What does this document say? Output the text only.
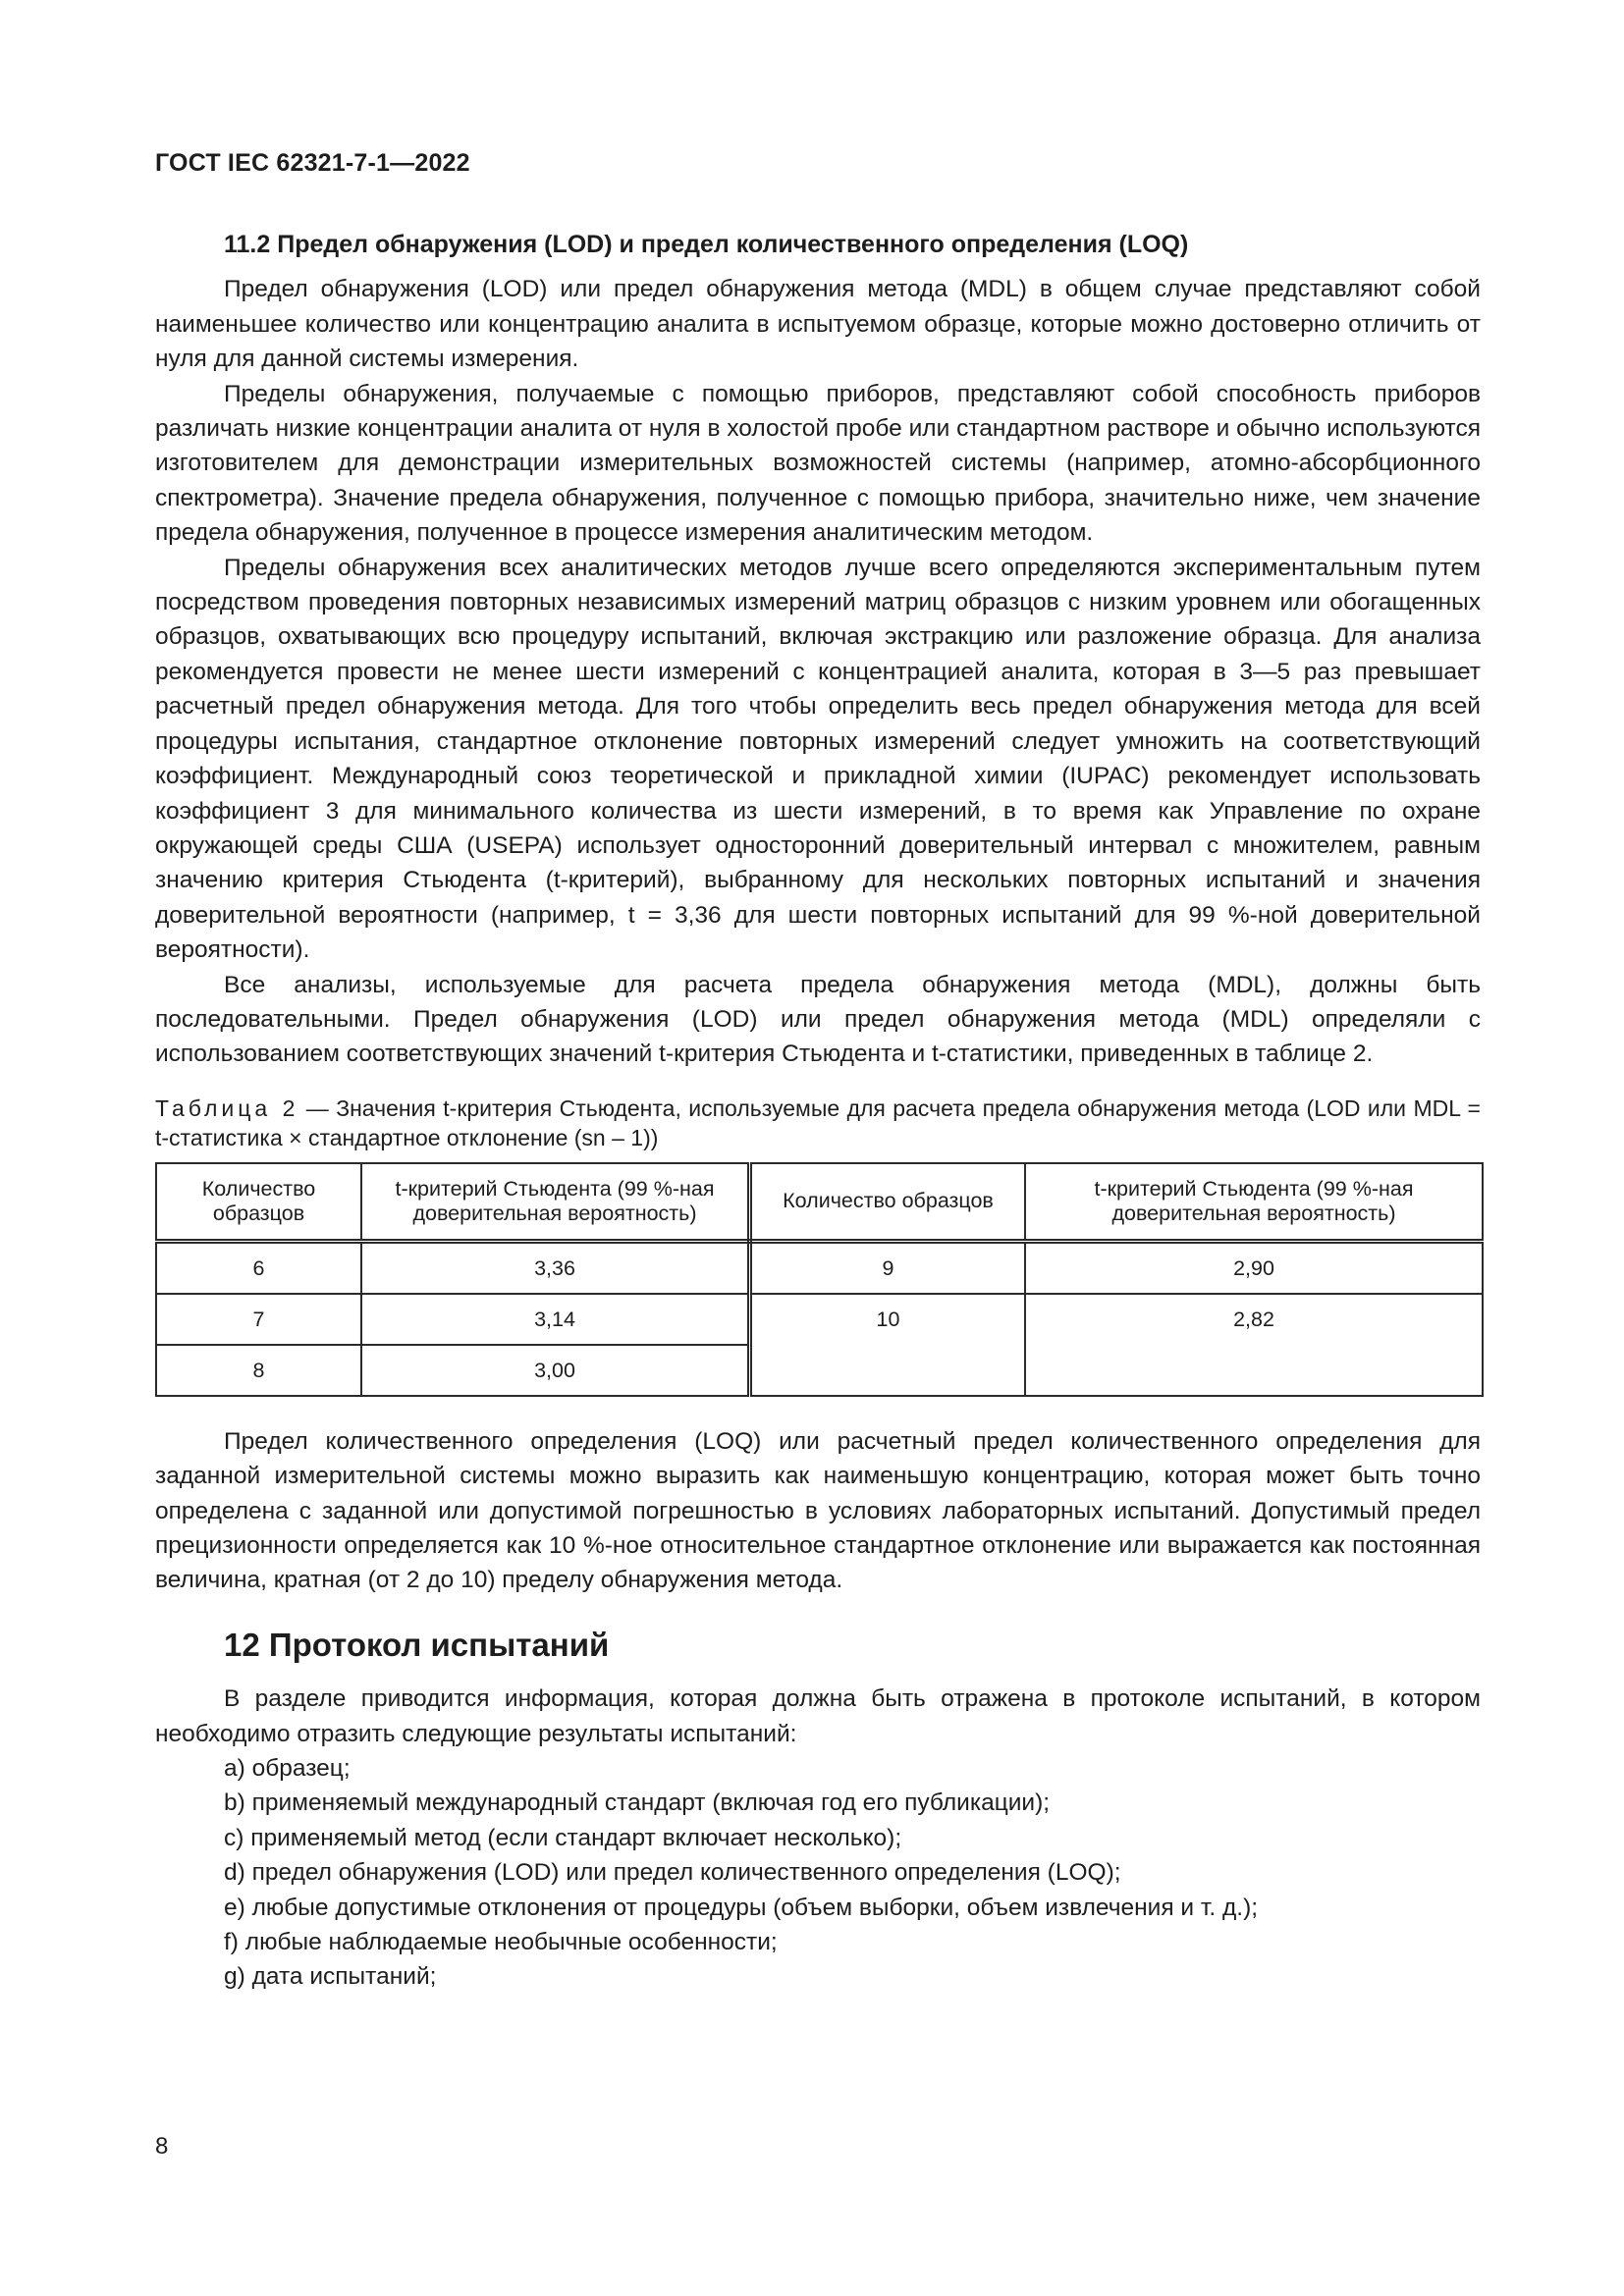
ГОСТ IEC 62321-7-1—2022
11.2 Предел обнаружения (LOD) и предел количественного определения (LOQ)

Предел обнаружения (LOD) или предел обнаружения метода (MDL) в общем случае представляют собой наименьшее количество или концентрацию аналита в испытуемом образце, которые можно достоверно отличить от нуля для данной системы измерения.

Пределы обнаружения, получаемые с помощью приборов, представляют собой способность приборов различать низкие концентрации аналита от нуля в холостой пробе или стандартном растворе и обычно используются изготовителем для демонстрации измерительных возможностей системы (например, атомно-абсорбционного спектрометра). Значение предела обнаружения, полученное с помощью прибора, значительно ниже, чем значение предела обнаружения, полученное в процессе измерения аналитическим методом.

Пределы обнаружения всех аналитических методов лучше всего определяются экспериментальным путем посредством проведения повторных независимых измерений матриц образцов с низким уровнем или обогащенных образцов, охватывающих всю процедуру испытаний, включая экстракцию или разложение образца. Для анализа рекомендуется провести не менее шести измерений с концентрацией аналита, которая в 3—5 раз превышает расчетный предел обнаружения метода. Для того чтобы определить весь предел обнаружения метода для всей процедуры испытания, стандартное отклонение повторных измерений следует умножить на соответствующий коэффициент. Международный союз теоретической и прикладной химии (IUPAC) рекомендует использовать коэффициент 3 для минимального количества из шести измерений, в то время как Управление по охране окружающей среды США (USEPA) использует односторонний доверительный интервал с множителем, равным значению критерия Стьюдента (t-критерий), выбранному для нескольких повторных испытаний и значения доверительной вероятности (например, t = 3,36 для шести повторных испытаний для 99 %-ной доверительной вероятности).

Все анализы, используемые для расчета предела обнаружения метода (MDL), должны быть последовательными. Предел обнаружения (LOD) или предел обнаружения метода (MDL) определяли с использованием соответствующих значений t-критерия Стьюдента и t-статистики, приведенных в таблице 2.

Таблица 2 — Значения t-критерия Стьюдента, используемые для расчета предела обнаружения метода (LOD или MDL = t-статистика × стандартное отклонение (sn – 1))
Количество образцов	t-критерий Стьюдента (99 %-ная доверительная вероятность)	Количество образцов	t-критерий Стьюдента (99 %-ная доверительная вероятность)
6	3,36	9	2,90
7	3,14	10	2,82
8	3,00		

Предел количественного определения (LOQ) или расчетный предел количественного определения для заданной измерительной системы можно выразить как наименьшую концентрацию, которая может быть точно определена с заданной или допустимой погрешностью в условиях лабораторных испытаний. Допустимый предел прецизионности определяется как 10 %-ное относительное стандартное отклонение или выражается как постоянная величина, кратная (от 2 до 10) пределу обнаружения метода.

12 Протокол испытаний

В разделе приводится информация, которая должна быть отражена в протоколе испытаний, в котором необходимо отразить следующие результаты испытаний:

a) образец;
b) применяемый международный стандарт (включая год его публикации);
c) применяемый метод (если стандарт включает несколько);
d) предел обнаружения (LOD) или предел количественного определения (LOQ);
e) любые допустимые отклонения от процедуры (объем выборки, объем извлечения и т. д.);
f) любые наблюдаемые необычные особенности;
g) дата испытаний;
8
